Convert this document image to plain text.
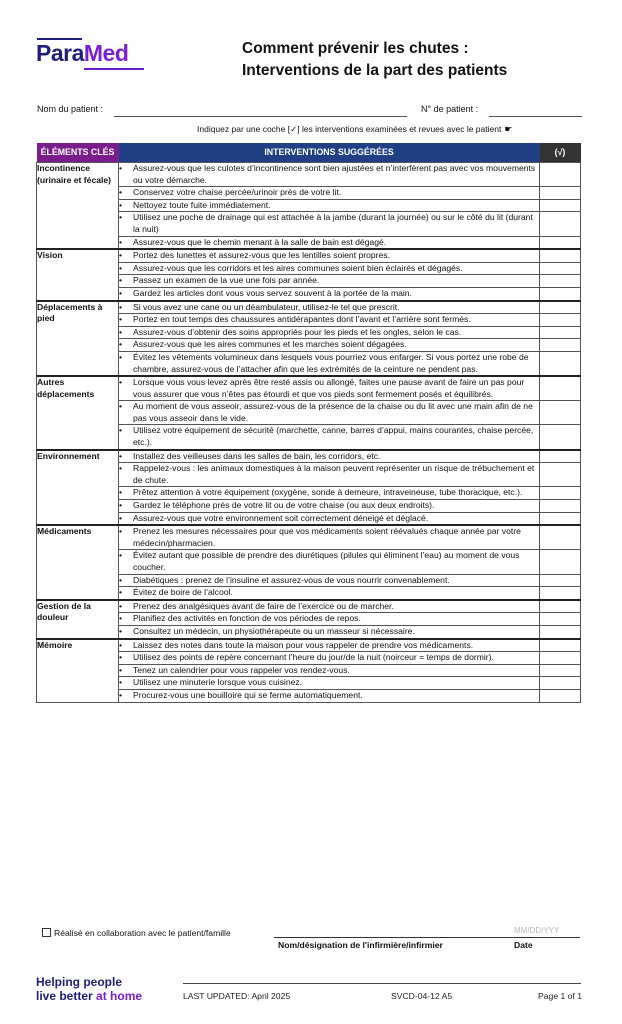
ParaMed	Comment prévenir les chutes :
Interventions de la part des patients
Nom du patient :	N° de patient :
Indiquez par une coche [✓] les interventions examinées et revues avec le patient ☛
ÉLÉMENTS CLÉS	INTERVENTIONS SUGGÉRÉES	(√)
Incontinence (urinaire et fécale)	• Assurez-vous que les culotes d’incontinence sont bien ajustées et n’interfèrent pas avec vos mouvements ou votre démarche.	

	• Conservez votre chaise percée/urinoir près de votre lit.	

	• Nettoyez toute fuite immédiatement.	

	• Utilisez une poche de drainage qui est attachée à la jambe (durant la journée) ou sur le côté du lit (durant la nuit)	

	• Assurez-vous que le chemin menant à la salle de bain est dégagé.	

Vision	• Portez des lunettes et assurez-vous que les lentilles soient propres.	

	• Assurez-vous que les corridors et les aires communes soient bien éclairés et dégagés.	

	• Passez un examen de la vue une fois par année.	

	• Gardez les articles dont vous vous servez souvent à la portée de la main.	

Déplacements à pied	• Si vous avez une cane ou un déambulateur, utilisez-le tel que prescrit.	

	• Portez en tout temps des chaussures antidérapantes dont l’avant et l’arrière sont fermés.	

	• Assurez-vous d’obtenir des soins appropriés pour les pieds et les ongles, selon le cas.	

	• Assurez-vous que les aires communes et les marches soient dégagées.	

	• Évitez les vêtements volumineux dans lesquels vous pourriez vous enfarger. Si vous portez une robe de chambre, assurez-vous de l’attacher afin que les extrémités de la ceinture ne pendent pas.	

Autres déplacements	• Lorsque vous vous levez après être resté assis ou allongé, faites une pause avant de faire un pas pour vous assurer que vous n’êtes pas étourdi et que vos pieds sont fermement posés et équilibrés.	

	• Au moment de vous asseoir, assurez-vous de la présence de la chaise ou du lit avec une main afin de ne pas vous asseoir dans le vide.	

	• Utilisez votre équipement de sécurité (marchette, canne, barres d’appui, mains courantes, chaise percée, etc.).	

Environnement	• Installez des veilleuses dans les salles de bain, les corridors, etc.	

	• Rappelez-vous : les animaux domestiques à la maison peuvent représenter un risque de trébuchement et de chute.	

	• Prêtez attention à votre équipement (oxygène, sonde à demeure, intraveineuse, tube thoracique, etc.).	

	• Gardez le téléphone près de votre lit ou de votre chaise (ou aux deux endroits).	

	• Assurez-vous que votre environnement soit correctement déneigé et déglacé.	

Médicaments	• Prenez les mesures nécessaires pour que vos médicaments soient réévalués chaque année par votre médecin/pharmacien.	

	• Évitez autant que possible de prendre des diurétiques (pilules qui éliminent l’eau) au moment de vous coucher.	

	• Diabétiques : prenez de l’insuline et assurez-vous de vous nourrir convenablement.	

	• Évitez de boire de l’alcool.	

Gestion de la douleur	• Prenez des analgésiques avant de faire de l’exercice ou de marcher.	

	• Planifiez des activités en fonction de vos périodes de repos.	

	• Consultez un médecin, un physiothérapeute ou un masseur si nécessaire.	

Mémoire	• Laissez des notes dans toute la maison pour vous rappeler de prendre vos médicaments.	

	• Utilisez des points de repère concernant l’heure du jour/de la nuit (noirceur = temps de dormir).	

	• Tenez un calendrier pour vous rappeler vos rendez-vous.	

	• Utilisez une minuterie lorsque vous cuisinez.	

	• Procurez-vous une bouilloire qui se ferme automatiquement.	

Réalisé en collaboration avec le patient/famille
Nom/désignation de l'infirmière/infirmier
MM/DD/YYY
Date
Helping people
live better at home	LAST UPDATED: April 2025	SVCD-04-12 A5	Page 1 of 1
